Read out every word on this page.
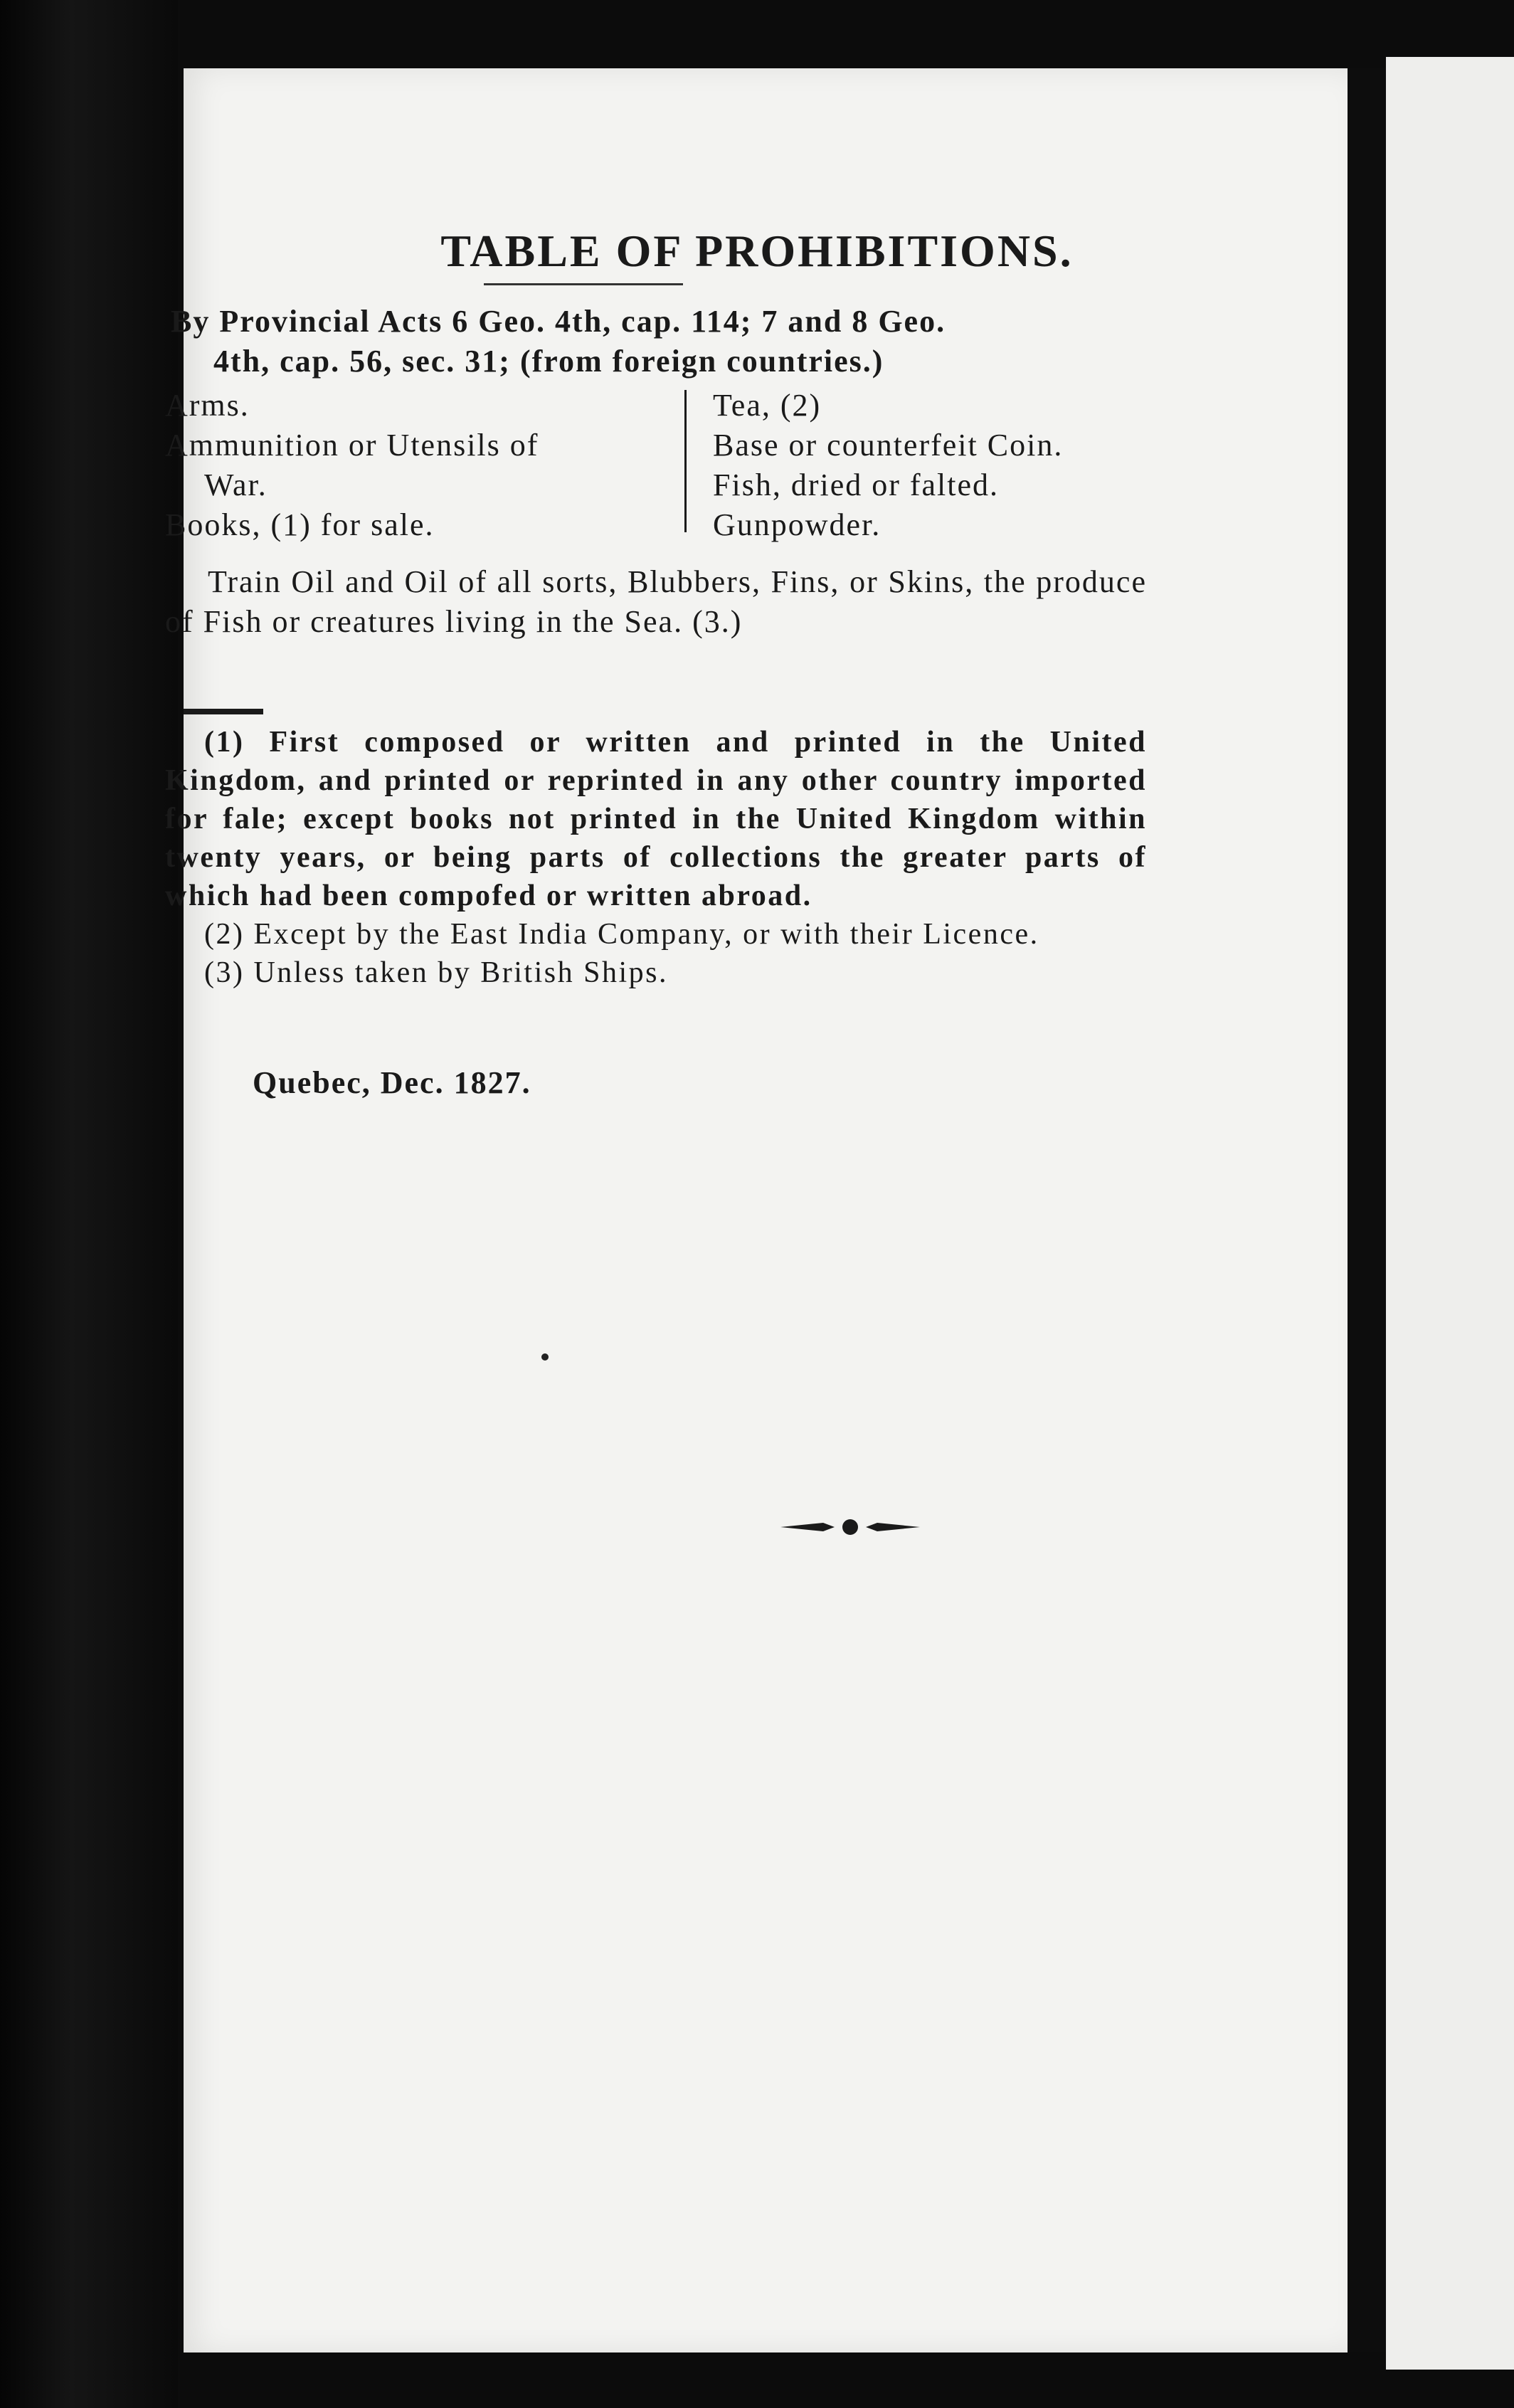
TABLE OF PROHIBITIONS.
By Provincial Acts 6 Geo. 4th, cap. 114; 7 and 8 Geo.
4th, cap. 56, sec. 31; (from foreign countries.)
Arms.
Ammunition or Utensils of
War.
Books, (1) for sale.
Tea, (2)
Base or counterfeit Coin.
Fish, dried or falted.
Gunpowder.
Train Oil and Oil of all sorts, Blubbers, Fins, or Skins, the produce of Fish or creatures living in the Sea. (3.)

(1) First composed or written and printed in the United Kingdom, and printed or reprinted in any other country imported for fale; except books not printed in the United Kingdom within twenty years, or being parts of collections the greater parts of which had been compofed or written abroad.

(2) Except by the East India Company, or with their Licence.

(3) Unless taken by British Ships.

Quebec, Dec. 1827.
